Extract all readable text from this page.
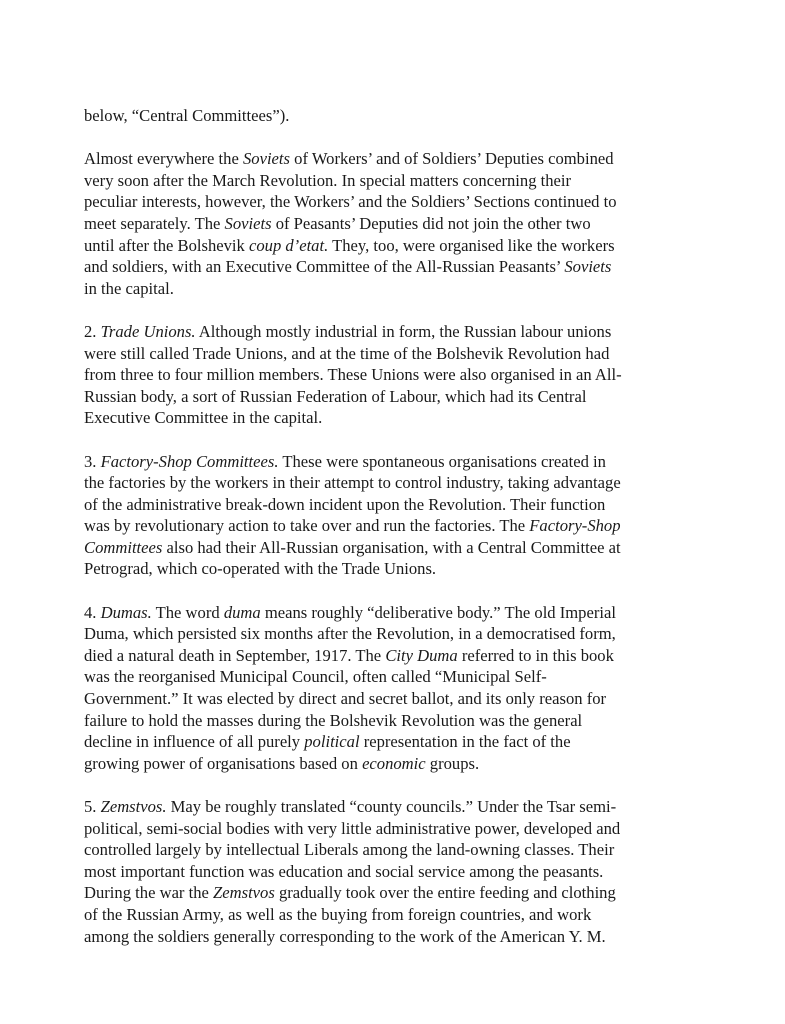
below, “Central Committees”).

Almost everywhere the Soviets of Workers’ and of Soldiers’ Deputies combined
very soon after the March Revolution. In special matters concerning their
peculiar interests, however, the Workers’ and the Soldiers’ Sections continued to
meet separately. The Soviets of Peasants’ Deputies did not join the other two
until after the Bolshevik coup d’etat. They, too, were organised like the workers
and soldiers, with an Executive Committee of the All-Russian Peasants’ Soviets
in the capital.

2. Trade Unions. Although mostly industrial in form, the Russian labour unions
were still called Trade Unions, and at the time of the Bolshevik Revolution had
from three to four million members. These Unions were also organised in an All-
Russian body, a sort of Russian Federation of Labour, which had its Central
Executive Committee in the capital.

3. Factory-Shop Committees. These were spontaneous organisations created in
the factories by the workers in their attempt to control industry, taking advantage
of the administrative break-down incident upon the Revolution. Their function
was by revolutionary action to take over and run the factories. The Factory-Shop
Committees also had their All-Russian organisation, with a Central Committee at
Petrograd, which co-operated with the Trade Unions.

4. Dumas. The word duma means roughly “deliberative body.” The old Imperial
Duma, which persisted six months after the Revolution, in a democratised form,
died a natural death in September, 1917. The City Duma referred to in this book
was the reorganised Municipal Council, often called “Municipal Self-
Government.” It was elected by direct and secret ballot, and its only reason for
failure to hold the masses during the Bolshevik Revolution was the general
decline in influence of all purely political representation in the fact of the
growing power of organisations based on economic groups.

5. Zemstvos. May be roughly translated “county councils.” Under the Tsar semi-
political, semi-social bodies with very little administrative power, developed and
controlled largely by intellectual Liberals among the land-owning classes. Their
most important function was education and social service among the peasants.
During the war the Zemstvos gradually took over the entire feeding and clothing
of the Russian Army, as well as the buying from foreign countries, and work
among the soldiers generally corresponding to the work of the American Y. M.
